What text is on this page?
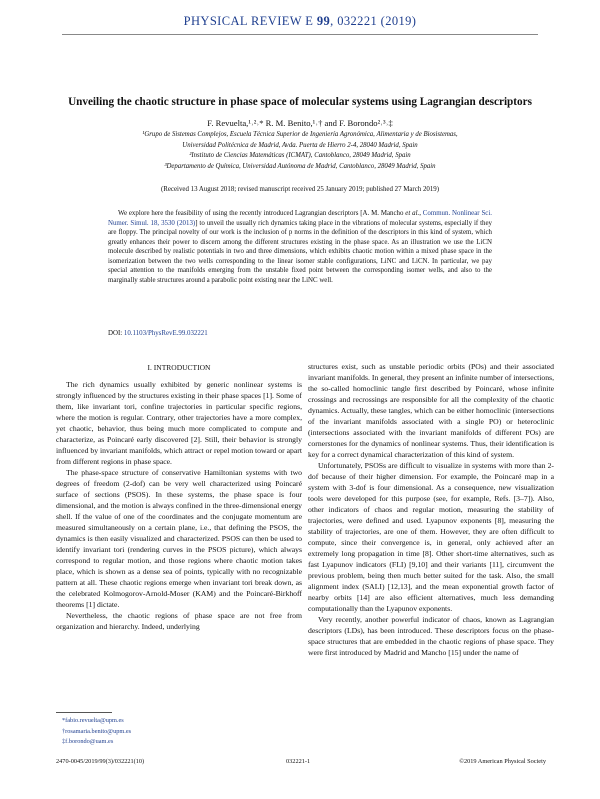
PHYSICAL REVIEW E 99, 032221 (2019)
Unveiling the chaotic structure in phase space of molecular systems using Lagrangian descriptors
F. Revuelta,¹˒²˒* R. M. Benito,¹˒† and F. Borondo²˒³˒‡
¹Grupo de Sistemas Complejos, Escuela Técnica Superior de Ingeniería Agronómica, Alimentaria y de Biosistemas,
Universidad Politécnica de Madrid, Avda. Puerta de Hierro 2-4, 28040 Madrid, Spain
²Instituto de Ciencias Matemáticas (ICMAT), Cantoblanco, 28049 Madrid, Spain
³Departamento de Química, Universidad Autónoma de Madrid, Cantoblanco, 28049 Madrid, Spain
(Received 13 August 2018; revised manuscript received 25 January 2019; published 27 March 2019)
We explore here the feasibility of using the recently introduced Lagrangian descriptors [A. M. Mancho et al., Commun. Nonlinear Sci. Numer. Simul. 18, 3530 (2013)] to unveil the usually rich dynamics taking place in the vibrations of molecular systems, especially if they are floppy. The principal novelty of our work is the inclusion of p norms in the definition of the descriptors in this kind of system, which greatly enhances their power to discern among the different structures existing in the phase space. As an illustration we use the LiCN molecule described by realistic potentials in two and three dimensions, which exhibits chaotic motion within a mixed phase space in the isomerization between the two wells corresponding to the linear isomer stable configurations, LiNC and LiCN. In particular, we pay special attention to the manifolds emerging from the unstable fixed point between the corresponding isomer wells, and also to the marginally stable structures around a parabolic point existing near the LiNC well.
DOI: 10.1103/PhysRevE.99.032221
I. INTRODUCTION

The rich dynamics usually exhibited by generic nonlinear systems is strongly influenced by the structures existing in their phase spaces [1]. Some of them, like invariant tori, confine trajectories in particular specific regions, where the motion is regular. Contrary, other trajectories have a more complex, yet chaotic, behavior, thus being much more complicated to compute and characterize, as Poincaré early discovered [2]. Still, their behavior is strongly influenced by invariant manifolds, which attract or repel motion toward or apart from different regions in phase space.

The phase-space structure of conservative Hamiltonian systems with two degrees of freedom (2-dof) can be very well characterized using Poincaré surface of sections (PSOS). In these systems, the phase space is four dimensional, and the motion is always confined in the three-dimensional energy shell. If the value of one of the coordinates and the conjugate momentum are measured simultaneously on a certain plane, i.e., that defining the PSOS, the dynamics is then easily visualized and characterized. PSOS can then be used to identify invariant tori (rendering curves in the PSOS picture), which always correspond to regular motion, and those regions where chaotic motion takes place, which is shown as a dense sea of points, typically with no recognizable pattern at all. These chaotic regions emerge when invariant tori break down, as the celebrated Kolmogorov-Arnold-Moser (KAM) and the Poincaré-Birkhoff theorems [1] dictate.

Nevertheless, the chaotic regions of phase space are not free from organization and hierarchy. Indeed, underlying

structures exist, such as unstable periodic orbits (POs) and their associated invariant manifolds. In general, they present an infinite number of intersections, the so-called homoclinic tangle first described by Poincaré, whose infinite crossings and recrossings are responsible for all the complexity of the chaotic dynamics. Actually, these tangles, which can be either homoclinic (intersections of the invariant manifolds associated with a single PO) or heteroclinic (intersections associated with the invariant manifolds of different POs) are cornerstones for the dynamics of nonlinear systems. Thus, their identification is key for a correct dynamical characterization of this kind of system.

Unfortunately, PSOSs are difficult to visualize in systems with more than 2-dof because of their higher dimension. For example, the Poincaré map in a system with 3-dof is four dimensional. As a consequence, new visualization tools were developed for this purpose (see, for example, Refs. [3–7]). Also, other indicators of chaos and regular motion, measuring the stability of trajectories, were defined and used. Lyapunov exponents [8], measuring the stability of trajectories, are one of them. However, they are often difficult to compute, since their convergence is, in general, only achieved after an extremely long propagation in time [8]. Other short-time alternatives, such as fast Lyapunov indicators (FLI) [9,10] and their variants [11], circumvent the previous problem, being then much better suited for the task. Also, the small alignment index (SALI) [12,13], and the mean exponential growth factor of nearby orbits [14] are also efficient alternatives, much less demanding computationally than the Lyapunov exponents.

Very recently, another powerful indicator of chaos, known as Lagrangian descriptors (LDs), has been introduced. These descriptors focus on the phase-space structures that are embedded in the chaotic regions of phase space. They were first introduced by Madrid and Mancho [15] under the name of

*fabio.revuelta@upm.es
†rosamaria.benito@upm.es
‡f.borondo@uam.es
2470-0045/2019/99(3)/032221(10)	032221-1	©2019 American Physical Society
